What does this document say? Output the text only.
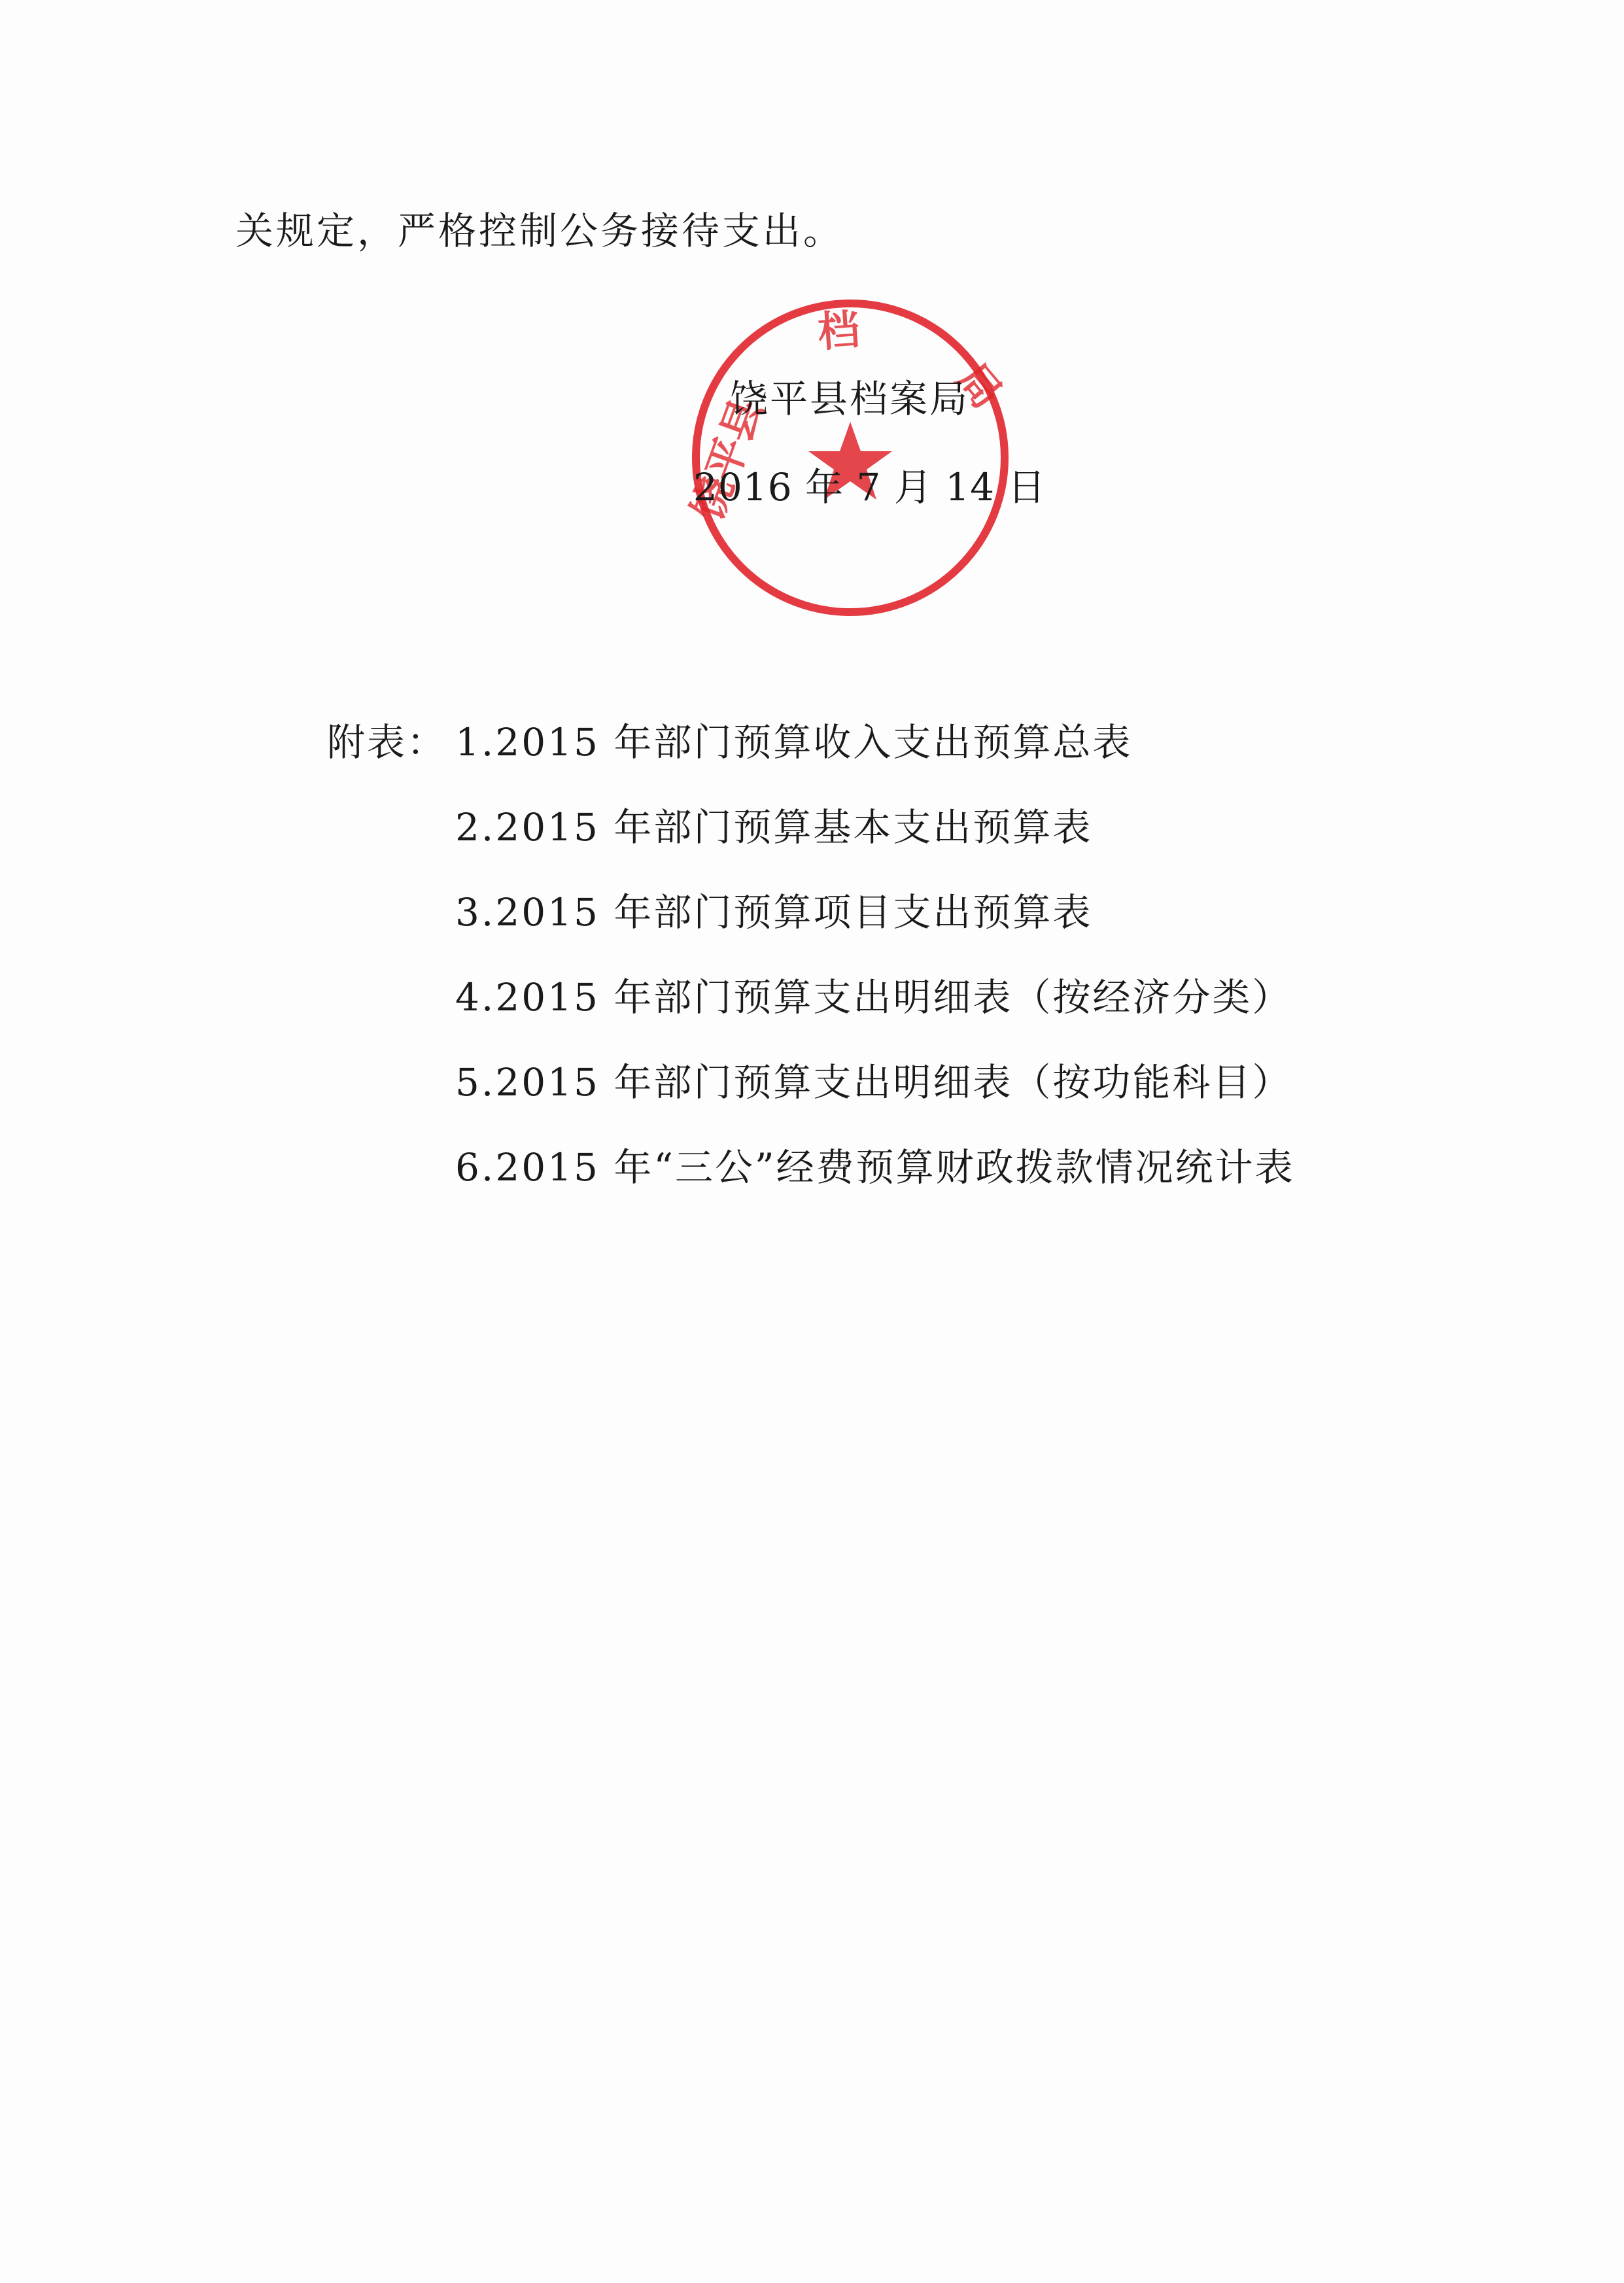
关规定，严格控制公务接待支出。
档
饶平县
局
饶平县档案局
2016 年 7 月 14 日
附表： 1.2015 年部门预算收入支出预算总表
2.2015 年部门预算基本支出预算表
3.2015 年部门预算项目支出预算表
4.2015 年部门预算支出明细表（按经济分类）
5.2015 年部门预算支出明细表（按功能科目）
6.2015 年“三公”经费预算财政拨款情况统计表
